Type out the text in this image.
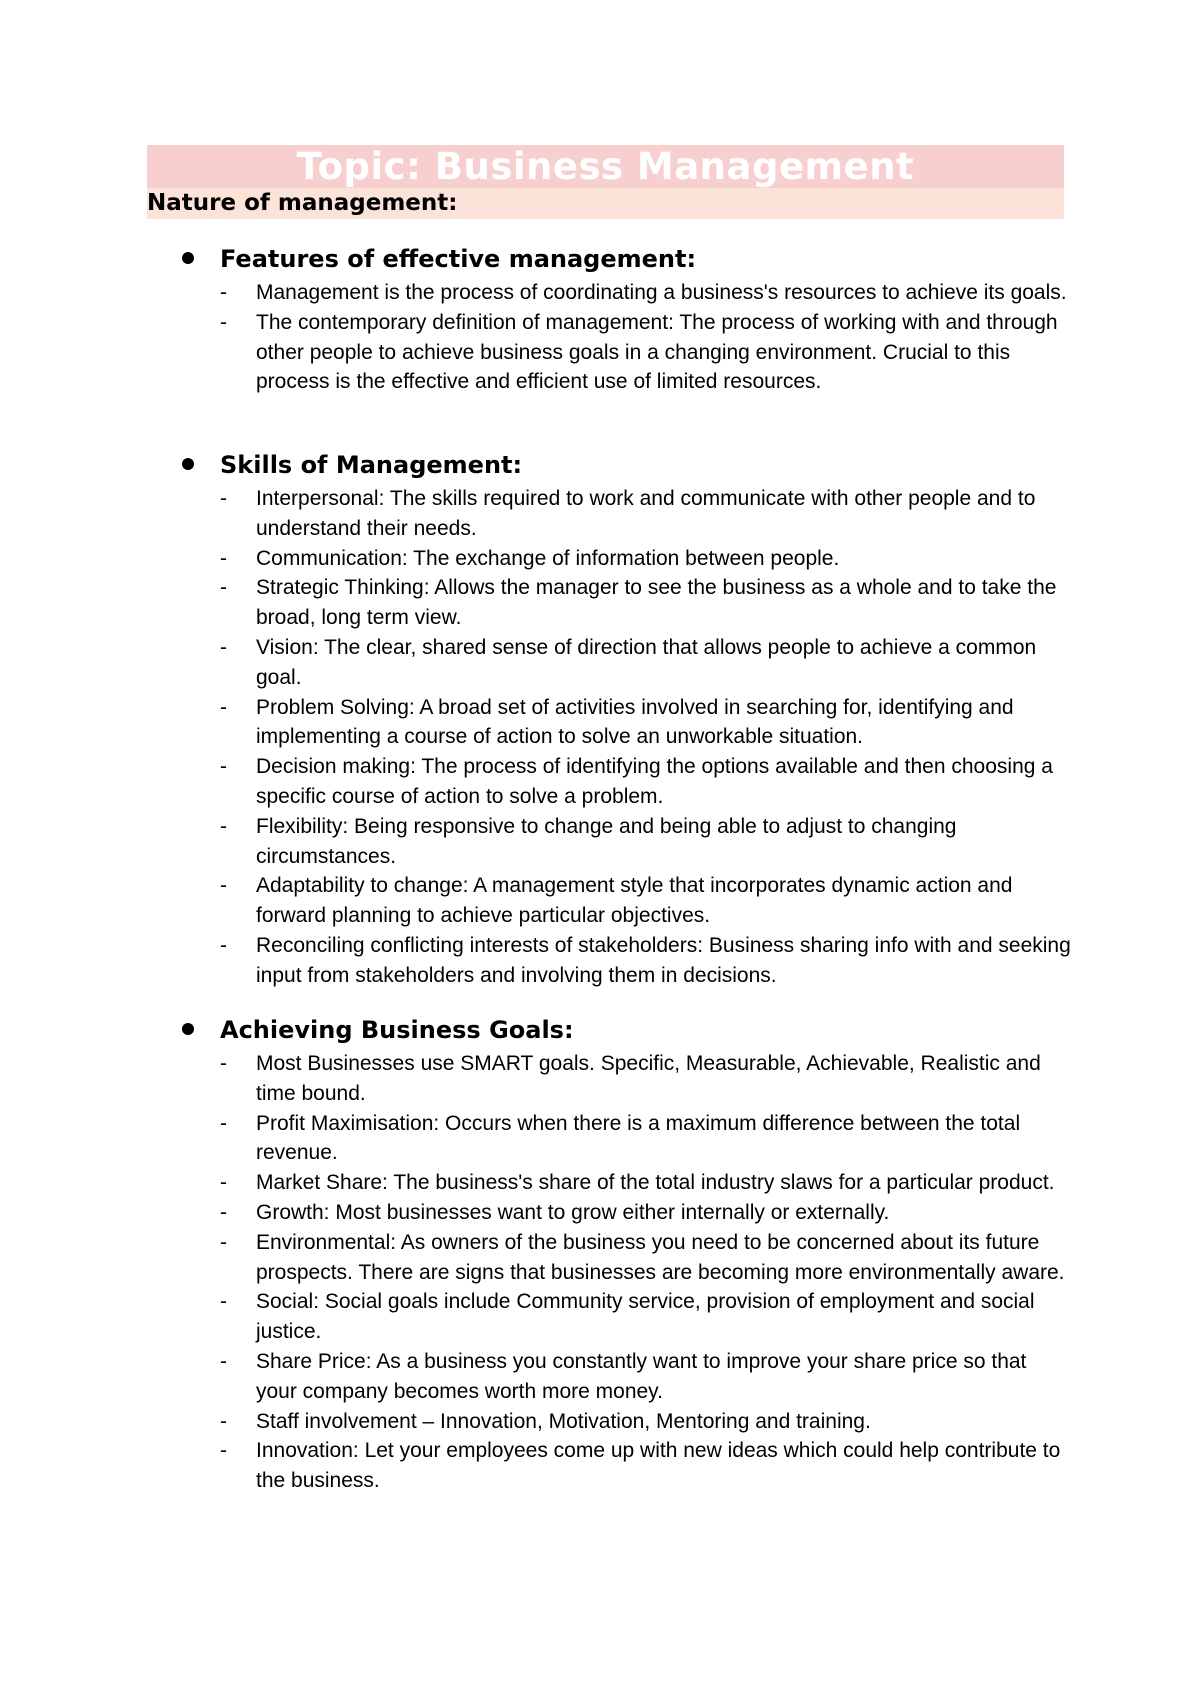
Topic: Business Management
Nature of management:
Features of effective management:
- Management is the process of coordinating a business's resources to achieve its goals.
- The contemporary definition of management: The process of working with and through other people to achieve business goals in a changing environment. Crucial to this process is the effective and efficient use of limited resources.
Skills of Management:
- Interpersonal: The skills required to work and communicate with other people and to understand their needs.
- Communication: The exchange of information between people.
- Strategic Thinking: Allows the manager to see the business as a whole and to take the broad, long term view.
- Vision: The clear, shared sense of direction that allows people to achieve a common goal.
- Problem Solving: A broad set of activities involved in searching for, identifying and implementing a course of action to solve an unworkable situation.
- Decision making: The process of identifying the options available and then choosing a specific course of action to solve a problem.
- Flexibility: Being responsive to change and being able to adjust to changing circumstances.
- Adaptability to change: A management style that incorporates dynamic action and forward planning to achieve particular objectives.
- Reconciling conflicting interests of stakeholders: Business sharing info with and seeking input from stakeholders and involving them in decisions.
Achieving Business Goals:
- Most Businesses use SMART goals. Specific, Measurable, Achievable, Realistic and time bound.
- Profit Maximisation: Occurs when there is a maximum difference between the total revenue.
- Market Share: The business's share of the total industry slaws for a particular product.
- Growth: Most businesses want to grow either internally or externally.
- Environmental: As owners of the business you need to be concerned about its future prospects. There are signs that businesses are becoming more environmentally aware.
- Social: Social goals include Community service, provision of employment and social justice.
- Share Price: As a business you constantly want to improve your share price so that your company becomes worth more money.
- Staff involvement – Innovation, Motivation, Mentoring and training.
- Innovation: Let your employees come up with new ideas which could help contribute to the business.
